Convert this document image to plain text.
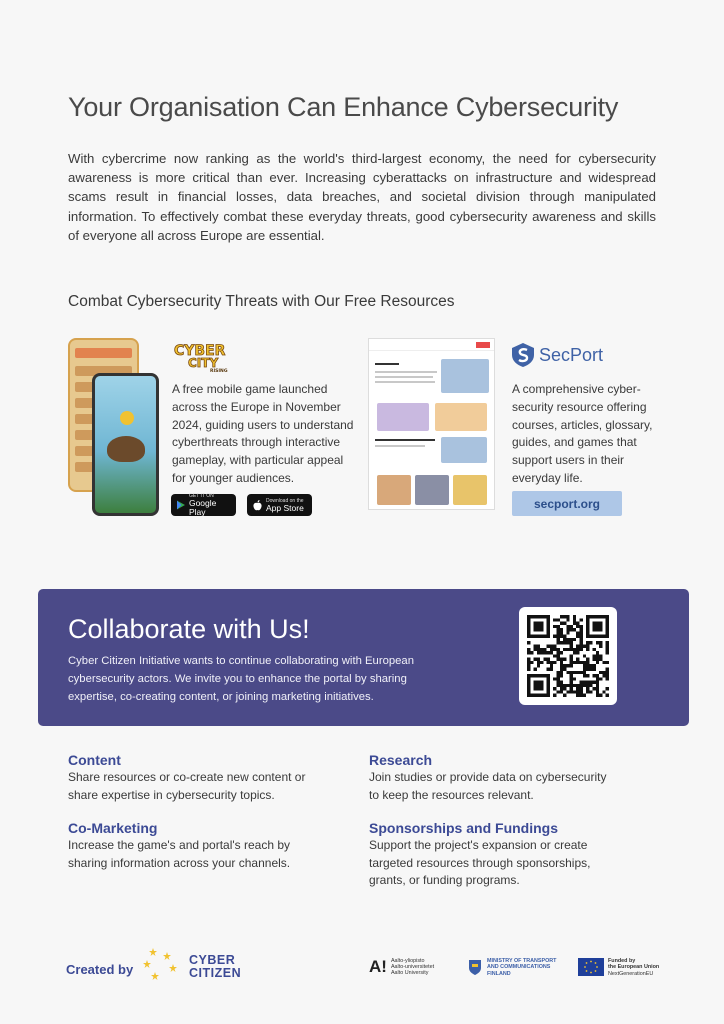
Your Organisation Can Enhance Cybersecurity

With cybercrime now ranking as the world's third-largest economy, the need for cybersecurity awareness is more critical than ever. Increasing cyberattacks on infrastructure and widespread scams result in financial losses, data breaches, and societal division through manipulated information. To effectively combat these everyday threats, good cybersecurity awareness and skills of everyone all across Europe are essential.

Combat Cybersecurity Threats with Our Free Resources
CYBER
CITY
RISING

A free mobile game launched across the Europe in November 2024, guiding users to understand cyberthreats through interactive gameplay, with particular appeal for younger audiences.

GET IT ON
Google Play
Download on the
App Store
SecPort

A comprehensive cyber-security resource offering courses, articles, glossary, guides, and games that support users in their everyday life.

secport.org
Collaborate with Us!

Cyber Citizen Initiative wants to continue collaborating with European cybersecurity actors. We invite you to enhance the portal by sharing expertise, co-creating content, or joining marketing initiatives.

Content

Share resources or co-create new content or share expertise in cybersecurity topics.

Research

Join studies or provide data on cybersecurity to keep the resources relevant.

Co-Marketing

Increase the game's and portal's reach by sharing information across your channels.

Sponsorships and Fundings

Support the project's expansion or create targeted resources through sponsorships, grants, or funding programs.

Created by
CYBER
CITIZEN	A! Aalto-yliopisto
Aalto-universitetet
Aalto University
MINISTRY OF TRANSPORT
AND COMMUNICATIONS
FINLAND
Funded by
the European Union
NextGenerationEU
